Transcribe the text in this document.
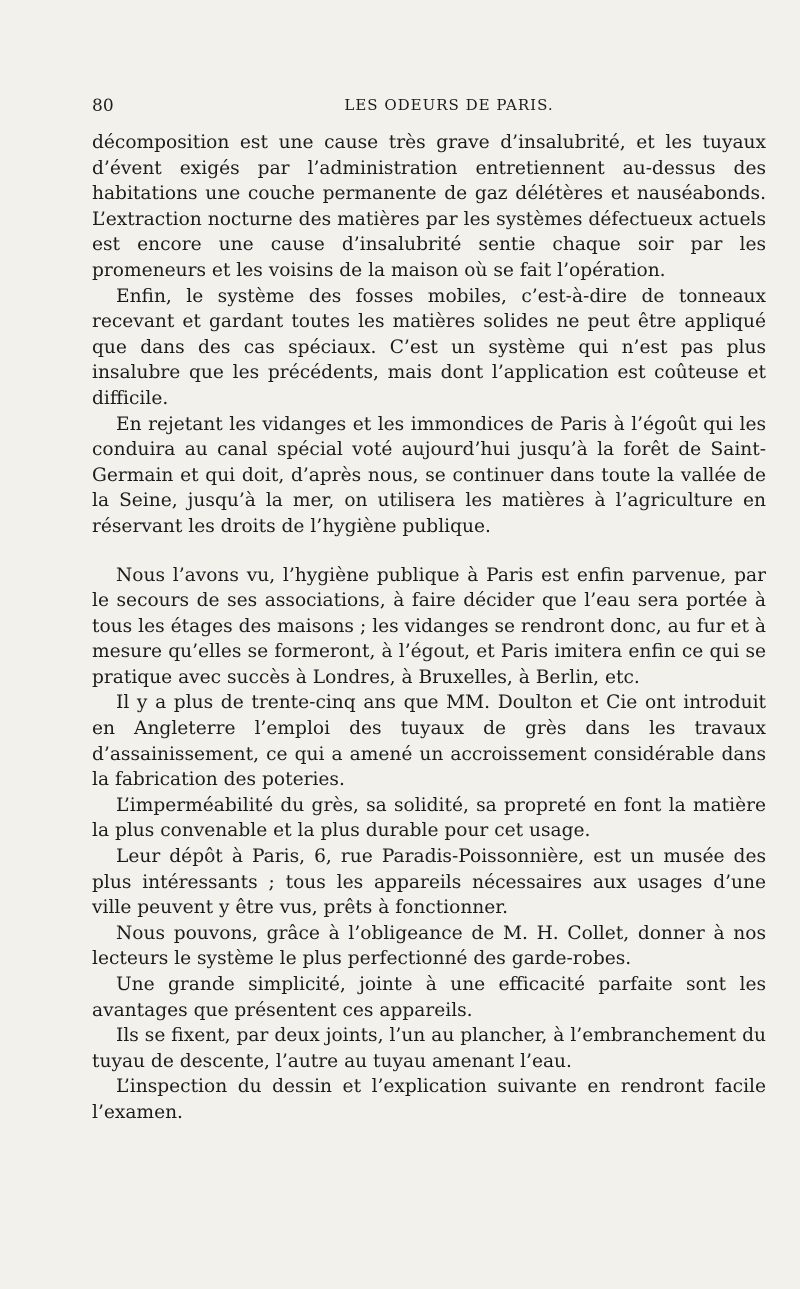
80	LES ODEURS DE PARIS.

décomposition est une cause très grave d’insalubrité, et les tuyaux d’évent exigés par l’administration entretiennent au-dessus des habitations une couche permanente de gaz délétères et nauséabonds. L’extraction nocturne des matières par les systèmes défectueux actuels est encore une cause d’insalubrité sentie chaque soir par les promeneurs et les voisins de la maison où se fait l’opération.

Enfin, le système des fosses mobiles, c’est-à-dire de tonneaux recevant et gardant toutes les matières solides ne peut être appliqué que dans des cas spéciaux. C’est un système qui n’est pas plus insalubre que les précédents, mais dont l’application est coûteuse et difficile.

En rejetant les vidanges et les immondices de Paris à l’égoût qui les conduira au canal spécial voté aujourd’hui jusqu’à la forêt de Saint-Germain et qui doit, d’après nous, se continuer dans toute la vallée de la Seine, jusqu’à la mer, on utilisera les matières à l’agriculture en réservant les droits de l’hygiène publique.

Nous l’avons vu, l’hygiène publique à Paris est enfin parvenue, par le secours de ses associations, à faire décider que l’eau sera portée à tous les étages des maisons ; les vidanges se rendront donc, au fur et à mesure qu’elles se formeront, à l’égout, et Paris imitera enfin ce qui se pratique avec succès à Londres, à Bruxelles, à Berlin, etc.

Il y a plus de trente-cinq ans que MM. Doulton et Cie ont introduit en Angleterre l’emploi des tuyaux de grès dans les travaux d’assainissement, ce qui a amené un accroissement considérable dans la fabrication des poteries.

L’imperméabilité du grès, sa solidité, sa propreté en font la matière la plus convenable et la plus durable pour cet usage.

Leur dépôt à Paris, 6, rue Paradis-Poissonnière, est un musée des plus intéressants ; tous les appareils nécessaires aux usages d’une ville peuvent y être vus, prêts à fonctionner.

Nous pouvons, grâce à l’obligeance de M. H. Collet, donner à nos lecteurs le système le plus perfectionné des garde-robes.

Une grande simplicité, jointe à une efficacité parfaite sont les avantages que présentent ces appareils.

Ils se fixent, par deux joints, l’un au plancher, à l’embranchement du tuyau de descente, l’autre au tuyau amenant l’eau.

L’inspection du dessin et l’explication suivante en rendront facile l’examen.
